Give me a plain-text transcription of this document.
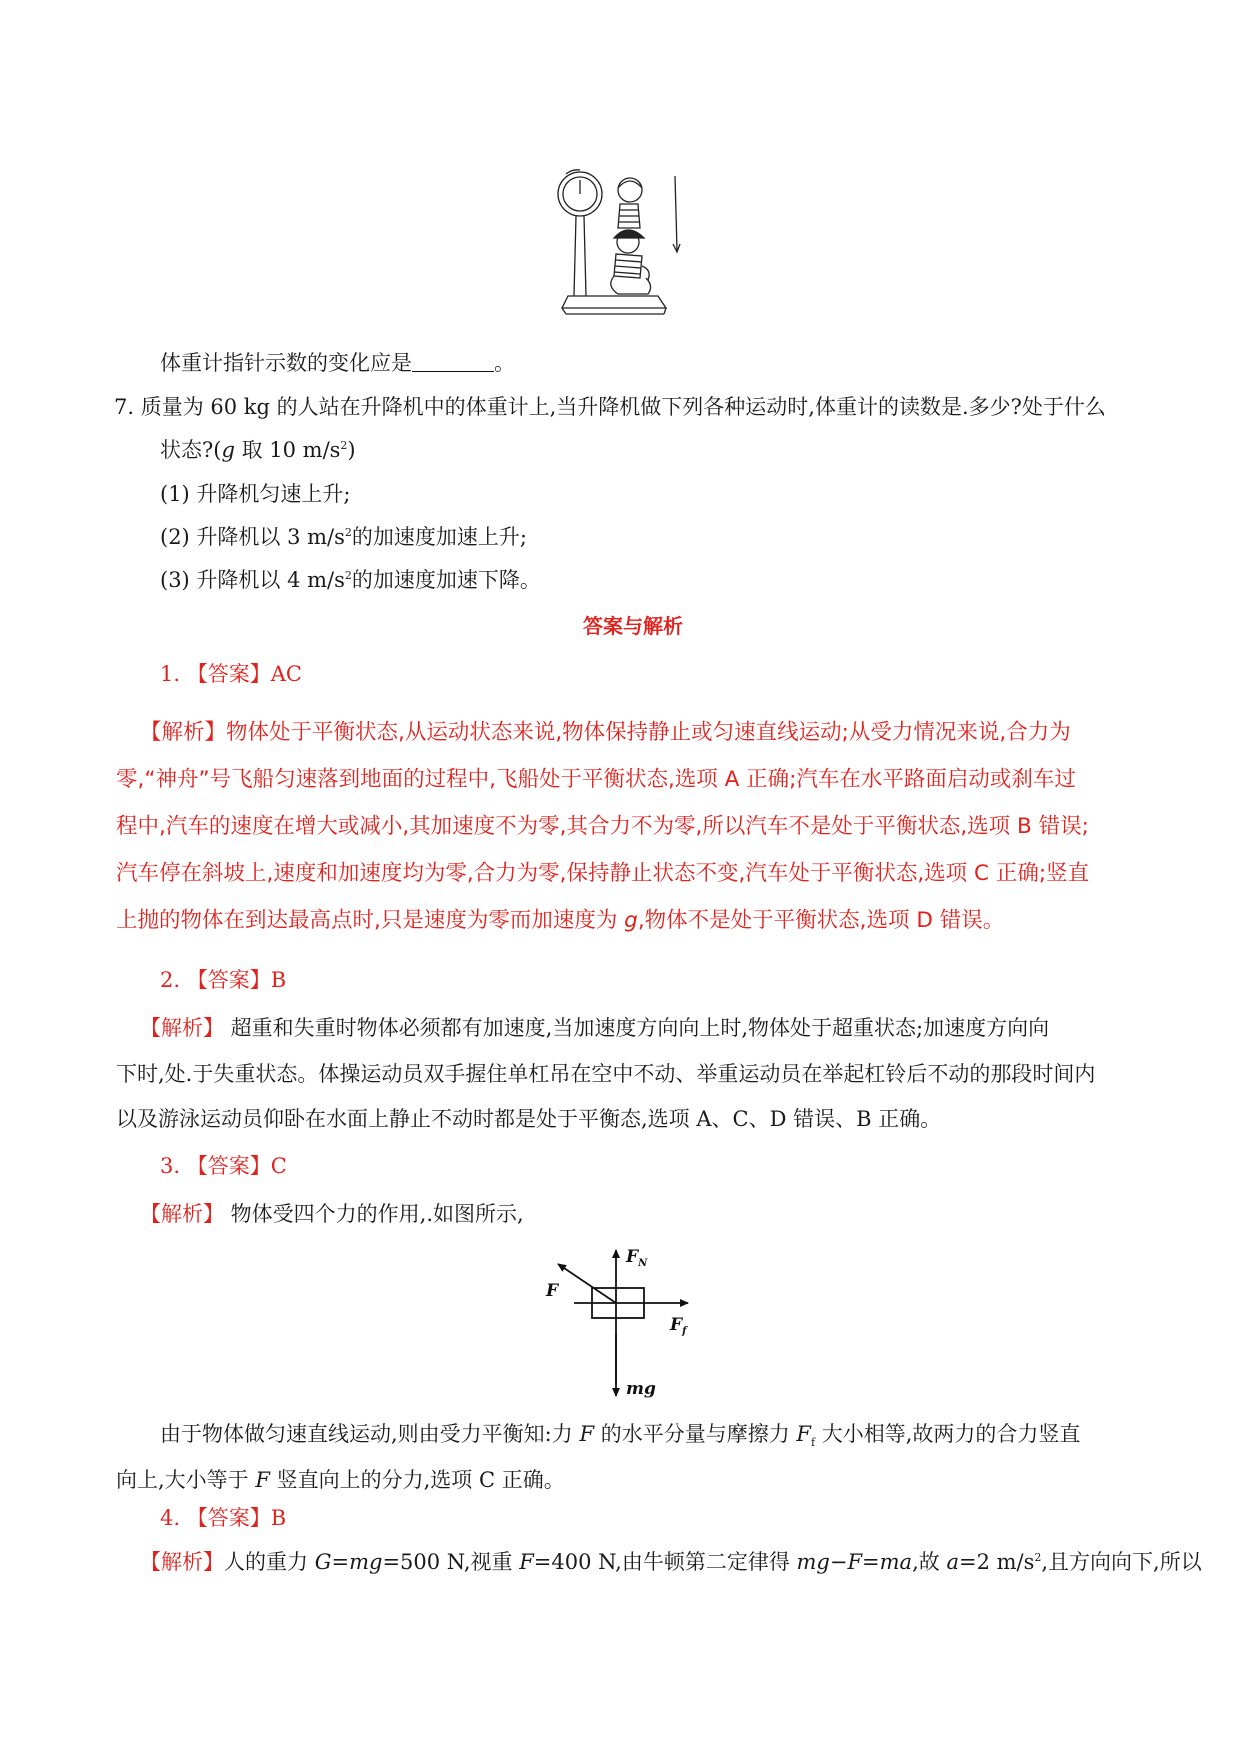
体重计指针示数的变化应是	。
7. 质量为 60 kg 的人站在升降机中的体重计上,当升降机做下列各种运动时,体重计的读数是.多少?处于什么
状态?(g 取 10 $m/s^2$)
(1) 升降机匀速上升;
(2) 升降机以 3 $m/s^2$的加速度加速上升;
(3) 升降机以 4 $m/s^2$的加速度加速下降。
答案与解析
1. 【答案】AC
【解析】物体处于平衡状态,从运动状态来说,物体保持静止或匀速直线运动;从受力情况来说,合力为
零,“神舟”号飞船匀速落到地面的过程中,飞船处于平衡状态,选项 A 正确;汽车在水平路面启动或刹车过
程中,汽车的速度在增大或减小,其加速度不为零,其合力不为零,所以汽车不是处于平衡状态,选项 B 错误;
汽车停在斜坡上,速度和加速度均为零,合力为零,保持静止状态不变,汽车处于平衡状态,选项 C 正确;竖直
上抛的物体在到达最高点时,只是速度为零而加速度为 g,物体不是处于平衡状态,选项 D 错误。
2. 【答案】B
【解析】 超重和失重时物体必须都有加速度,当加速度方向向上时,物体处于超重状态;加速度方向向
下时,处.于失重状态。体操运动员双手握住单杠吊在空中不动、举重运动员在举起杠铃后不动的那段时间内
以及游泳运动员仰卧在水面上静止不动时都是处于平衡态,选项 A、C、D 错误、B 正确。
3. 【答案】C
【解析】 物体受四个力的作用,.如图所示,
F
$F_N$
$F_f$
mg
由于物体做匀速直线运动,则由受力平衡知:力 F 的水平分量与摩擦力 $F_f$ 大小相等,故两力的合力竖直
向上,大小等于 F 竖直向上的分力,选项 C 正确。
4. 【答案】B
【解析】人的重力 G=mg=500 N,视重 F=400 N,由牛顿第二定律得 mg−F=ma,故 a=2 $m/s^2$,且方向向下,所以
